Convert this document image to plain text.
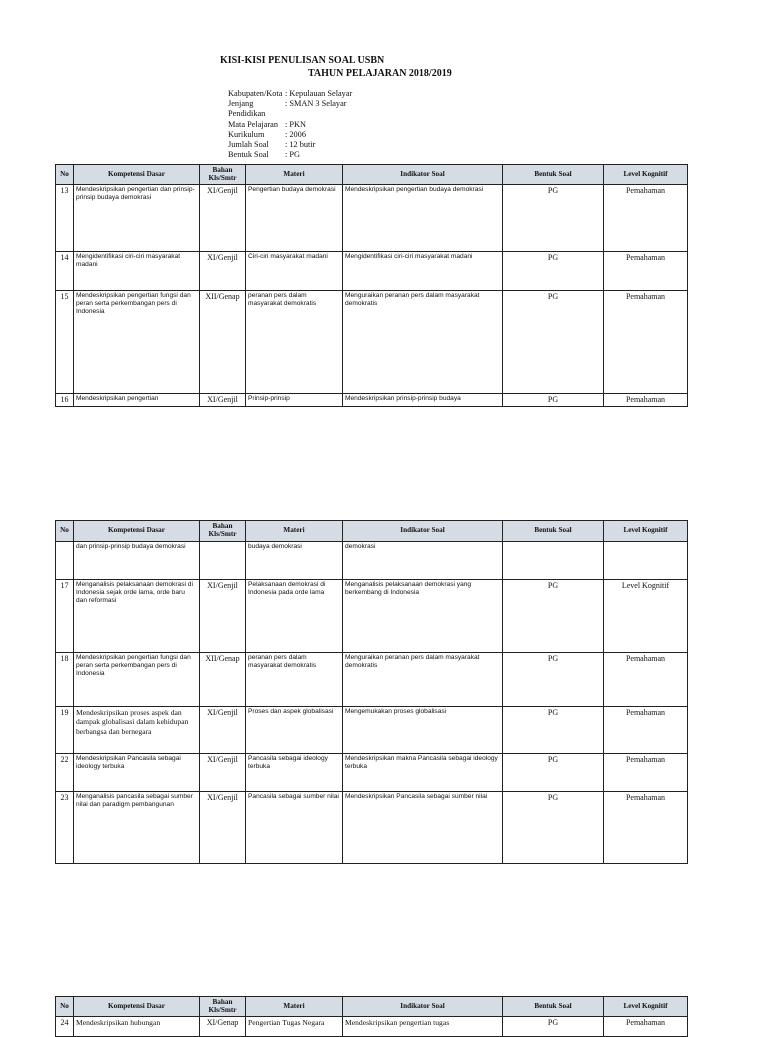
KISI-KISI PENULISAN SOAL USBN
TAHUN PELAJARAN 2018/2019
Kabupaten/Kota : Kepulauan Selayar
Jenjang Pendidikan
: SMAN 3 Selayar
Mata Pelajaran : PKN
Kurikulum	: 2006
Jumlah Soal	: 12 butir
Bentuk Soal	: PG
No	Kompetensi Dasar	Bahan
Kls/Smtr	Materi	Indikator Soal	Bentuk Soal	Level Kognitif
13	Mendeskripsikan pengertian dan prinsip-prinsip budaya demokrasi	XI/Genjil	Pengertian budaya demokrasi	Mendeskripsikan pengertian budaya demokrasi	PG	Pemahaman
14	Mengidentifikasi ciri-ciri masyarakat madani	XI/Genjil	Ciri-ciri masyarakat madani	Mengidentifikasi ciri-ciri masyarakat madani	PG	Pemahaman
15	Mendeskripsikan pengertian fungsi dan peran serta perkembangan pers di Indonesia	XII/Genap	peranan pers dalam masyarakat demokratis	Menguraikan peranan pers dalam masyarakat demokratis	PG	Pemahaman
16	Mendeskripsikan pengertian	XI/Genjil	Prinsip-prinsip	Mendeskripsikan prinsip-prinsip budaya	PG	Pemahaman
No	Kompetensi Dasar	Bahan
Kls/Smtr	Materi	Indikator Soal	Bentuk Soal	Level Kognitif
	dan prinsip-prinsip budaya demokrasi		budaya demokrasi	demokrasi		
17	Menganalisis pelaksanaan demokrasi di Indonesia sejak orde lama, orde baru dan reformasi	XI/Genjil	Pelaksanaan demokrasi di Indonesia pada orde lama	Menganalisis pelaksanaan demokrasi yang berkembang di Indonesia	PG	Level Kognitif
18	Mendeskripsikan pengertian fungsi dan peran serta perkembangan pers di Indonesia	XII/Genap	peranan pers dalam masyarakat demokratis	Menguraikan peranan pers dalam masyarakat demokratis	PG	Pemahaman
19	Mendeskripsikan proses aspek dan dampak globalisasi dalam kehidupan berbangsa dan bernegara	XI/Genjil	Proses dan aspek globalisasi	Mengemukakan proses globalisasi	PG	Pemahaman
22	Mendeskripsikan Pancasila sebagai ideology terbuka	XI/Genjil	Pancasila sebagai ideology terbuka	Mendeskripsikan makna Pancasila sebagai ideology terbuka	PG	Pemahaman
23	Menganalisis pancasila sebagai sumber nilai dan paradigm pembangunan	XI/Genjil	Pancasila sebagai sumber nilai	Mendeskripsikan Pancasila sebagai sumber nilai	PG	Pemahaman
No	Kompetensi Dasar	Bahan
Kls/Smtr	Materi	Indikator Soal	Bentuk Soal	Level Kognitif
24	Mendeskripsikan hubungan	XI/Genap	Pengertian Tugas Negara	Mendeskripsikan pengertian tugas	PG	Pemahaman
